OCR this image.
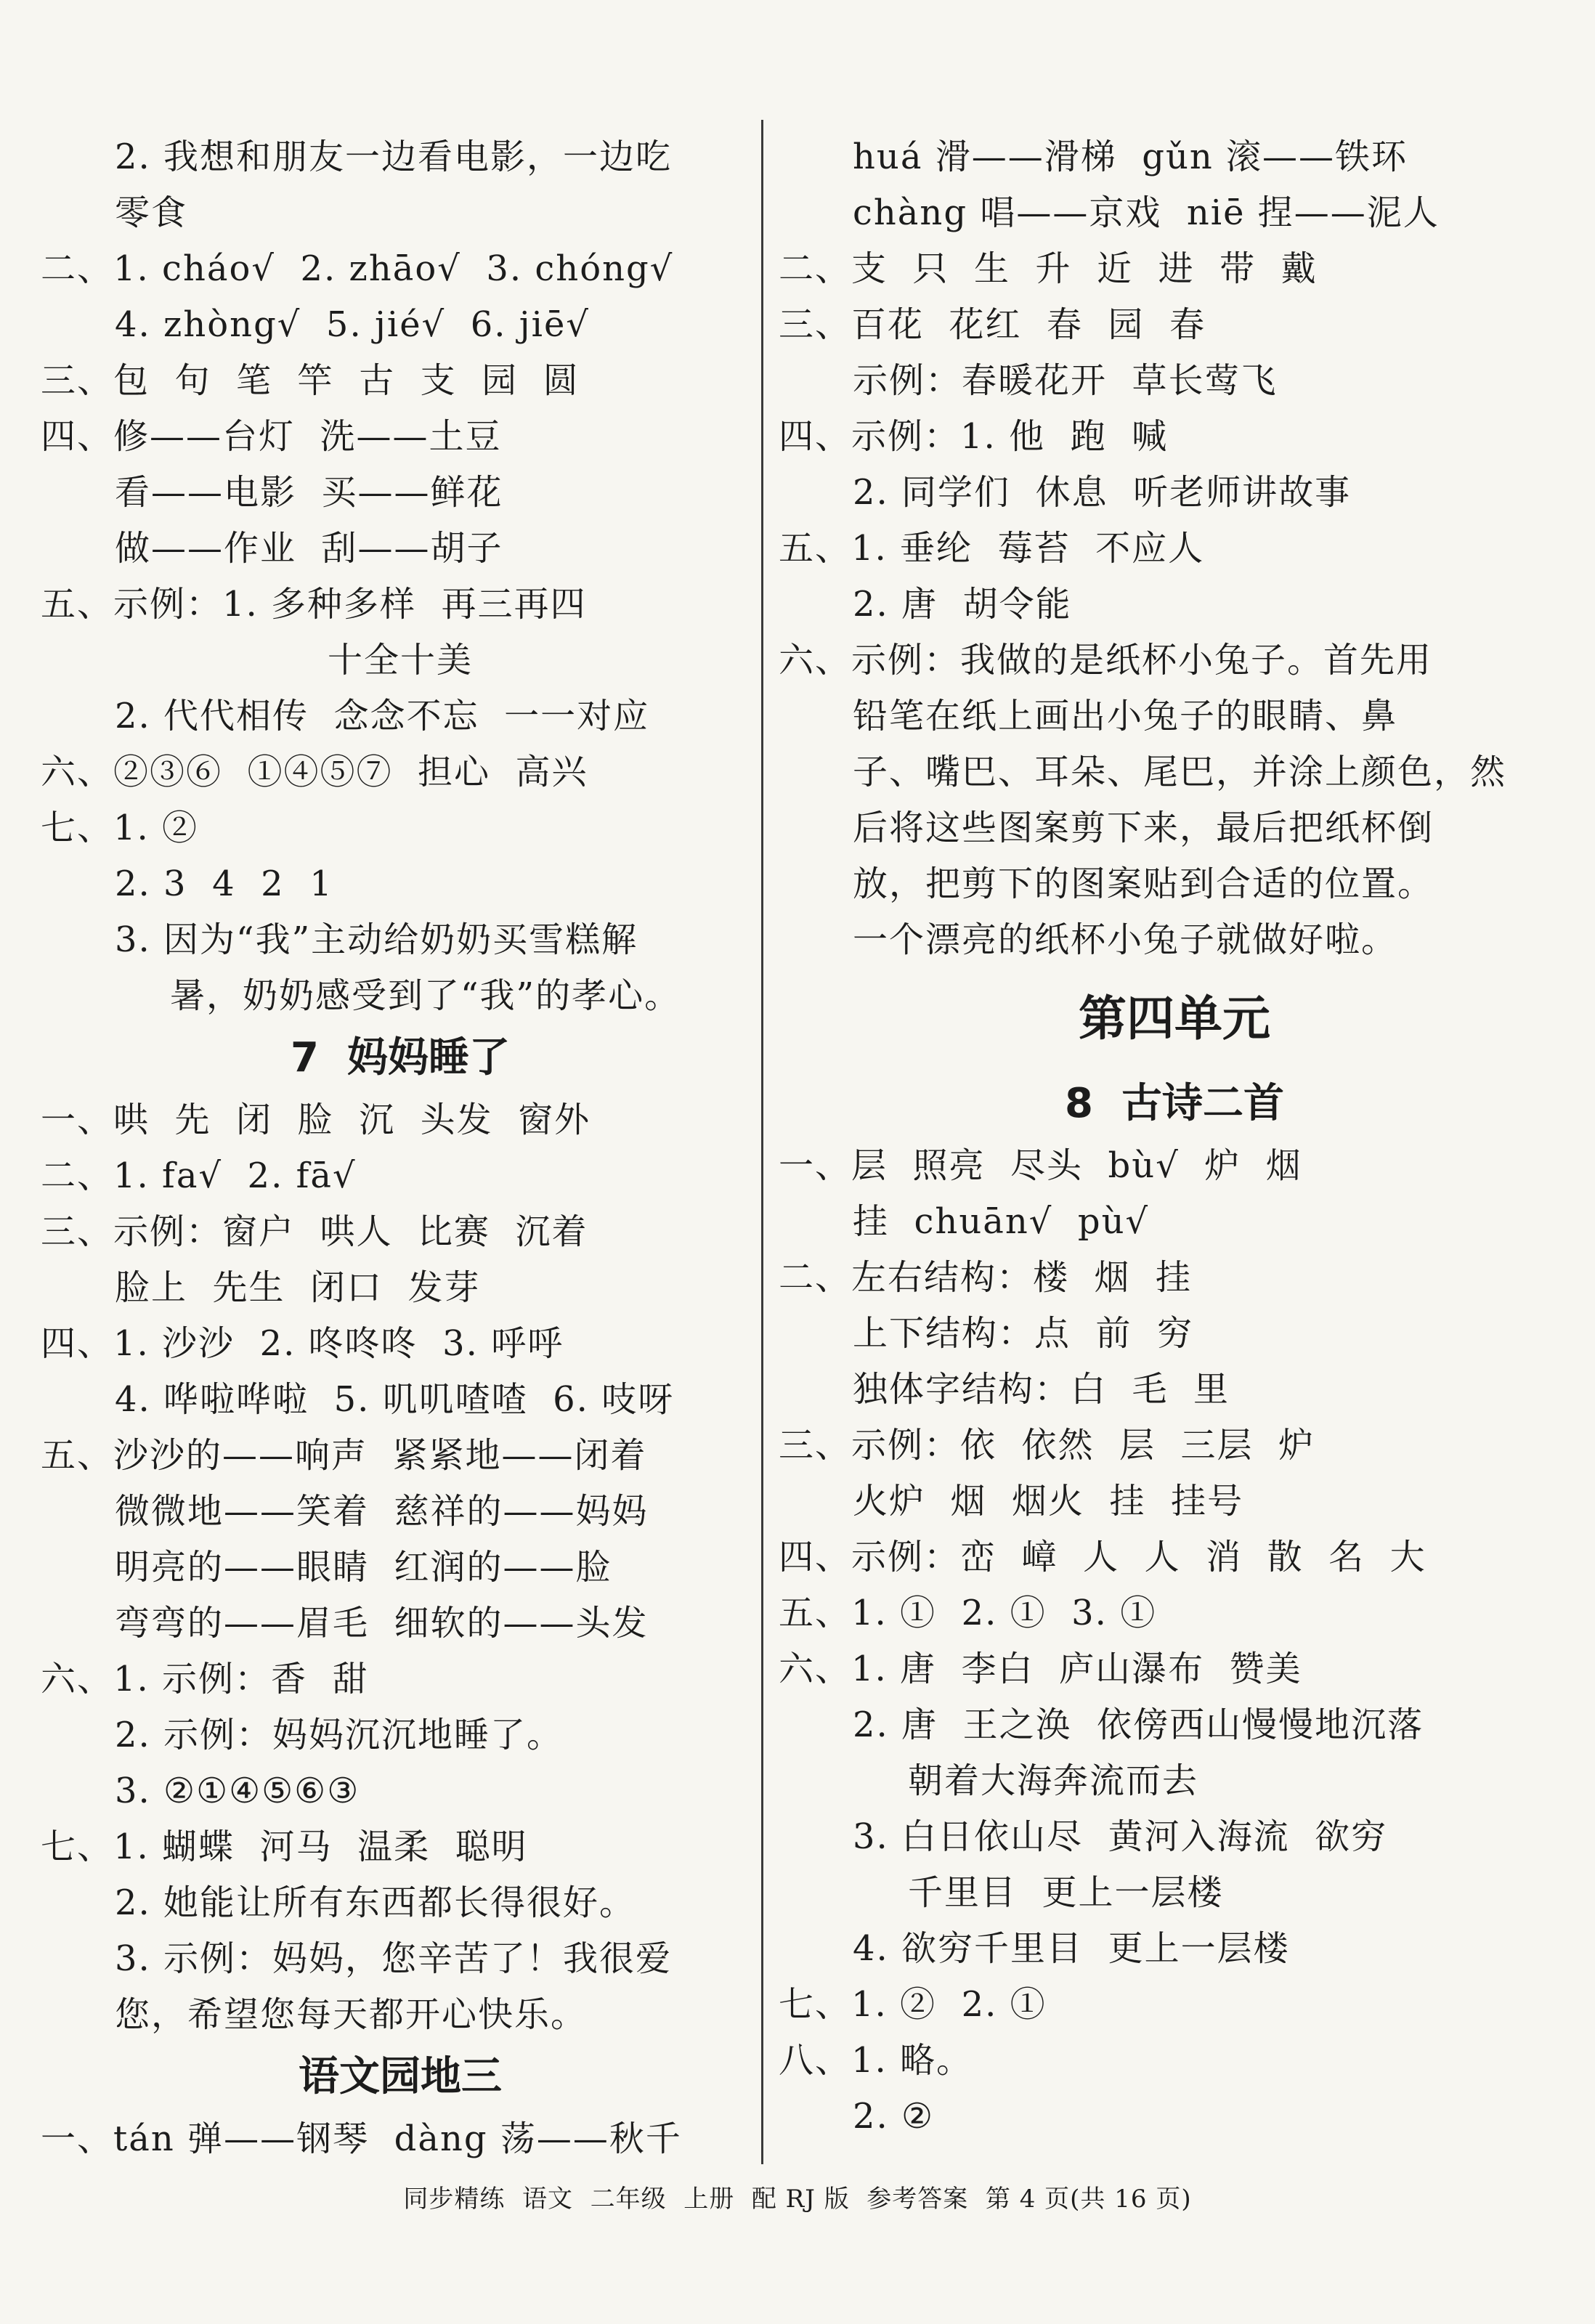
2. 我想和朋友一边看电影，一边吃
零食
二、1. cháo√  2. zhāo√  3. chóng√
4. zhòng√  5. jié√  6. jiē√
三、包  句  笔  竿  古  支  园  圆
四、修——台灯  洗——土豆
看——电影  买——鲜花
做——作业  刮——胡子
五、示例：1. 多种多样  再三再四
十全十美
2. 代代相传  念念不忘  一一对应
六、②③⑥  ①④⑤⑦  担心  高兴
七、1. ②
2. 3  4  2  1
3. 因为“我”主动给奶奶买雪糕解
暑，奶奶感受到了“我”的孝心。
7  妈妈睡了
一、哄  先  闭  脸  沉  头发  窗外
二、1. fa√  2. fā√
三、示例：窗户  哄人  比赛  沉着
脸上  先生  闭口  发芽
四、1. 沙沙  2. 咚咚咚  3. 呼呼
4. 哗啦哗啦  5. 叽叽喳喳  6. 吱呀
五、沙沙的——响声  紧紧地——闭着
微微地——笑着  慈祥的——妈妈
明亮的——眼睛  红润的——脸
弯弯的——眉毛  细软的——头发
六、1. 示例：香  甜
2. 示例：妈妈沉沉地睡了。
3. ②①④⑤⑥③
七、1. 蝴蝶  河马  温柔  聪明
2. 她能让所有东西都长得很好。
3. 示例：妈妈，您辛苦了！我很爱
您，希望您每天都开心快乐。
语文园地三
一、tán 弹——钢琴  dàng 荡——秋千
huá 滑——滑梯  gǔn 滚——铁环
chàng 唱——京戏  niē 捏——泥人
二、支  只  生  升  近  进  带  戴
三、百花  花红  春  园  春
示例：春暖花开  草长莺飞
四、示例：1. 他  跑  喊
2. 同学们  休息  听老师讲故事
五、1. 垂纶  莓苔  不应人
2. 唐  胡令能
六、示例：我做的是纸杯小兔子。首先用
铅笔在纸上画出小兔子的眼睛、鼻
子、嘴巴、耳朵、尾巴，并涂上颜色，然
后将这些图案剪下来，最后把纸杯倒
放，把剪下的图案贴到合适的位置。
一个漂亮的纸杯小兔子就做好啦。
第四单元
8  古诗二首
一、层  照亮  尽头  bù√  炉  烟
挂  chuān√  pù√
二、左右结构：楼  烟  挂
上下结构：点  前  穷
独体字结构：白  毛  里
三、示例：依  依然  层  三层  炉
火炉  烟  烟火  挂  挂号
四、示例：峦  嶂  人  人  消  散  名  大
五、1. ①  2. ①  3. ①
六、1. 唐  李白  庐山瀑布  赞美
2. 唐  王之涣  依傍西山慢慢地沉落
朝着大海奔流而去
3. 白日依山尽  黄河入海流  欲穷
千里目  更上一层楼
4. 欲穷千里目  更上一层楼
七、1. ②  2. ①
八、1. 略。
2. ②
同步精练  语文  二年级  上册  配 RJ 版  参考答案  第 4 页(共 16 页)
